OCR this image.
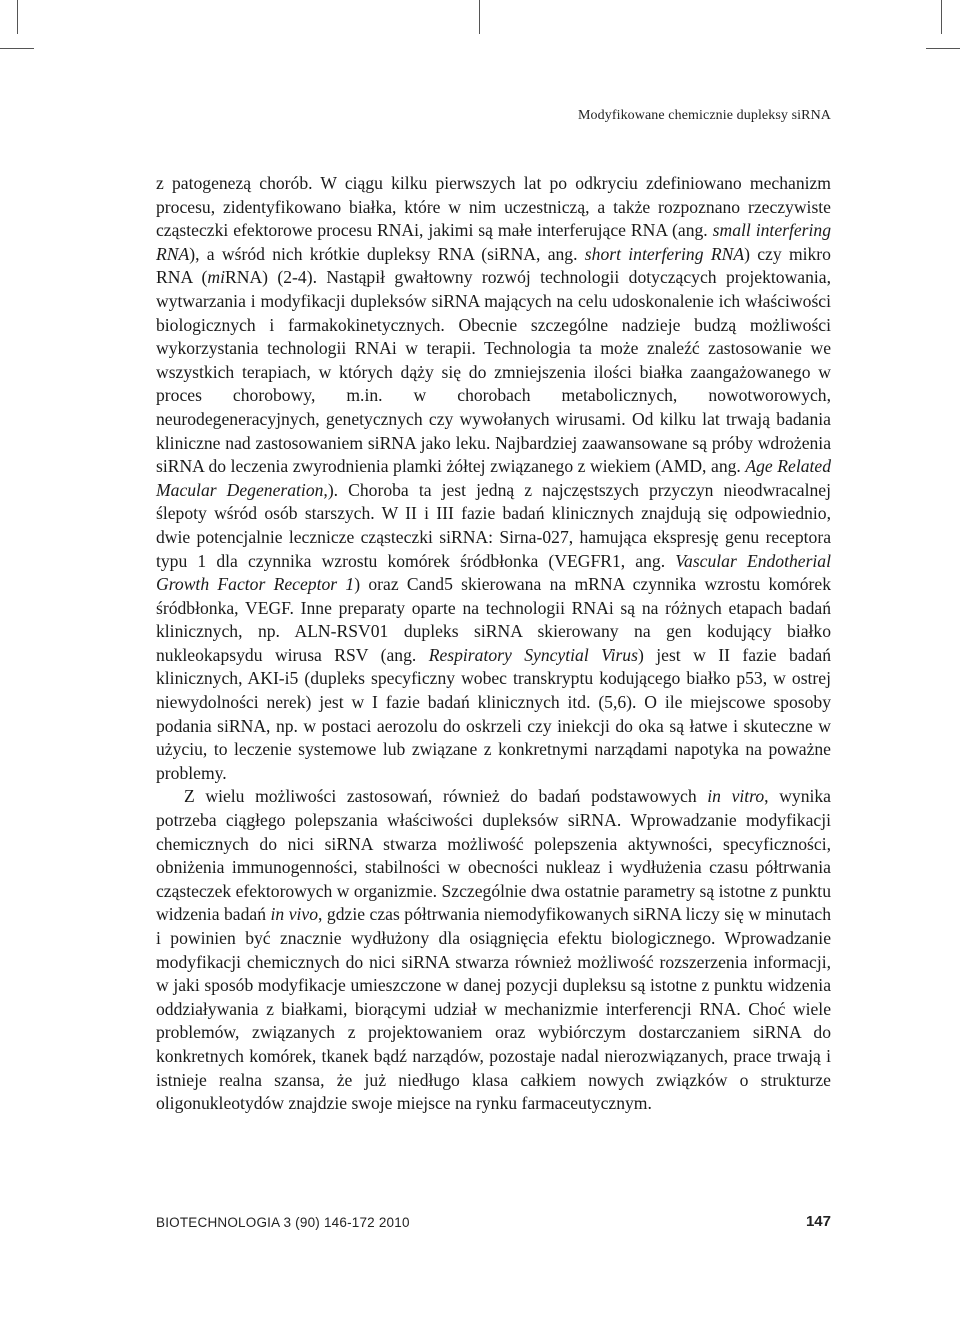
Modyfikowane chemicznie dupleksy siRNA

z patogenezą chorób. W ciągu kilku pierwszych lat po odkryciu zdefiniowano mechanizm procesu, zidentyfikowano białka, które w nim uczestniczą, a także rozpoznano rzeczywiste cząsteczki efektorowe procesu RNAi, jakimi są małe interferujące RNA (ang. small interfering RNA), a wśród nich krótkie dupleksy RNA (siRNA, ang. short interfering RNA) czy mikro RNA (miRNA) (2-4). Nastąpił gwałtowny rozwój technologii dotyczących projektowania, wytwarzania i modyfikacji dupleksów siRNA mających na celu udoskonalenie ich właściwości biologicznych i farmakokinetycznych. Obecnie szczególne nadzieje budzą możliwości wykorzystania technologii RNAi w terapii. Technologia ta może znaleźć zastosowanie we wszystkich terapiach, w których dąży się do zmniejszenia ilości białka zaangażowanego w proces chorobowy, m.in. w chorobach metabolicznych, nowotworowych, neurodegeneracyjnych, genetycznych czy wywołanych wirusami. Od kilku lat trwają badania kliniczne nad zastosowaniem siRNA jako leku. Najbardziej zaawansowane są próby wdrożenia siRNA do leczenia zwyrodnienia plamki żółtej związanego z wiekiem (AMD, ang. Age Related Macular Degeneration,). Choroba ta jest jedną z najczęstszych przyczyn nieodwracalnej ślepoty wśród osób starszych. W II i III fazie badań klinicznych znajdują się odpowiednio, dwie potencjalnie lecznicze cząsteczki siRNA: Sirna-027, hamująca ekspresję genu receptora typu 1 dla czynnika wzrostu komórek śródbłonka (VEGFR1, ang. Vascular Endotherial Growth Factor Receptor 1) oraz Cand5 skierowana na mRNA czynnika wzrostu komórek śródbłonka, VEGF. Inne preparaty oparte na technologii RNAi są na różnych etapach badań klinicznych, np. ALN-RSV01 dupleks siRNA skierowany na gen kodujący białko nukleokapsydu wirusa RSV (ang. Respiratory Syncytial Virus) jest w II fazie badań klinicznych, AKI-i5 (dupleks specyficzny wobec transkryptu kodującego białko p53, w ostrej niewydolności nerek) jest w I fazie badań klinicznych itd. (5,6). O ile miejscowe sposoby podania siRNA, np. w postaci aerozolu do oskrzeli czy iniekcji do oka są łatwe i skuteczne w użyciu, to leczenie systemowe lub związane z konkretnymi narządami napotyka na poważne problemy.

Z wielu możliwości zastosowań, również do badań podstawowych in vitro, wynika potrzeba ciągłego polepszania właściwości dupleksów siRNA. Wprowadzanie modyfikacji chemicznych do nici siRNA stwarza możliwość polepszenia aktywności, specyficzności, obniżenia immunogenności, stabilności w obecności nukleaz i wydłużenia czasu półtrwania cząsteczek efektorowych w organizmie. Szczególnie dwa ostatnie parametry są istotne z punktu widzenia badań in vivo, gdzie czas półtrwania niemodyfikowanych siRNA liczy się w minutach i powinien być znacznie wydłużony dla osiągnięcia efektu biologicznego. Wprowadzanie modyfikacji chemicznych do nici siRNA stwarza również możliwość rozszerzenia informacji, w jaki sposób modyfikacje umieszczone w danej pozycji dupleksu są istotne z punktu widzenia oddziaływania z białkami, biorącymi udział w mechanizmie interferencji RNA. Choć wiele problemów, związanych z projektowaniem oraz wybiórczym dostarczaniem siRNA do konkretnych komórek, tkanek bądź narządów, pozostaje nadal nierozwiązanych, prace trwają i istnieje realna szansa, że już niedługo klasa całkiem nowych związków o strukturze oligonukleotydów znajdzie swoje miejsce na rynku farmaceutycznym.

BIOTECHNOLOGIA 3 (90) 146-172 2010	147
